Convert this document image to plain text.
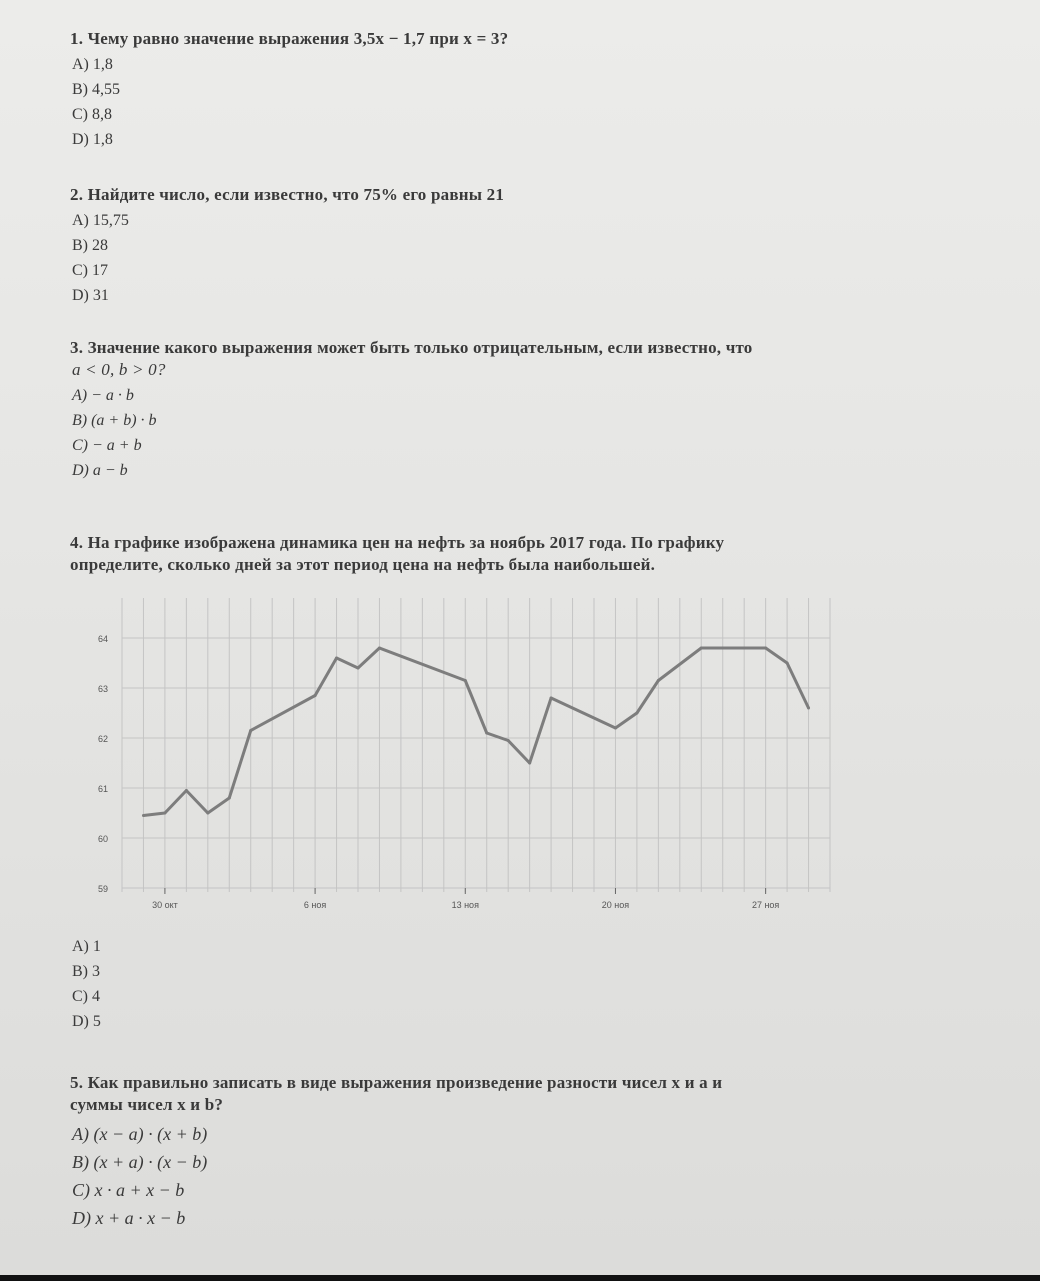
1. Чему равно значение выражения 3,5x − 1,7 при x = 3?

A) 1,8
B) 4,55
C) 8,8
D) 1,8

2. Найдите число, если известно, что 75% его равны 21

A) 15,75
B) 28
C) 17
D) 31

3. Значение какого выражения может быть только отрицательным, если известно, что

a < 0, b > 0?

A) − a · b
B) (a + b) · b
C) − a + b
D) a − b

4. На графике изображена динамика цен на нефть за ноябрь 2017 года. По графику

определите, сколько дней за этот период цена на нефть была наибольшей.

59
60
61
62
63
64
30 окт	6 ноя	13 ноя	20 ноя	27 ноя
A) 1
B) 3
C) 4
D) 5

5. Как правильно записать в виде выражения произведение разности чисел x и a и

суммы чисел x и b?

A) (x − a) · (x + b)
B) (x + a) · (x − b)
C) x · a + x − b
D) x + a · x − b
